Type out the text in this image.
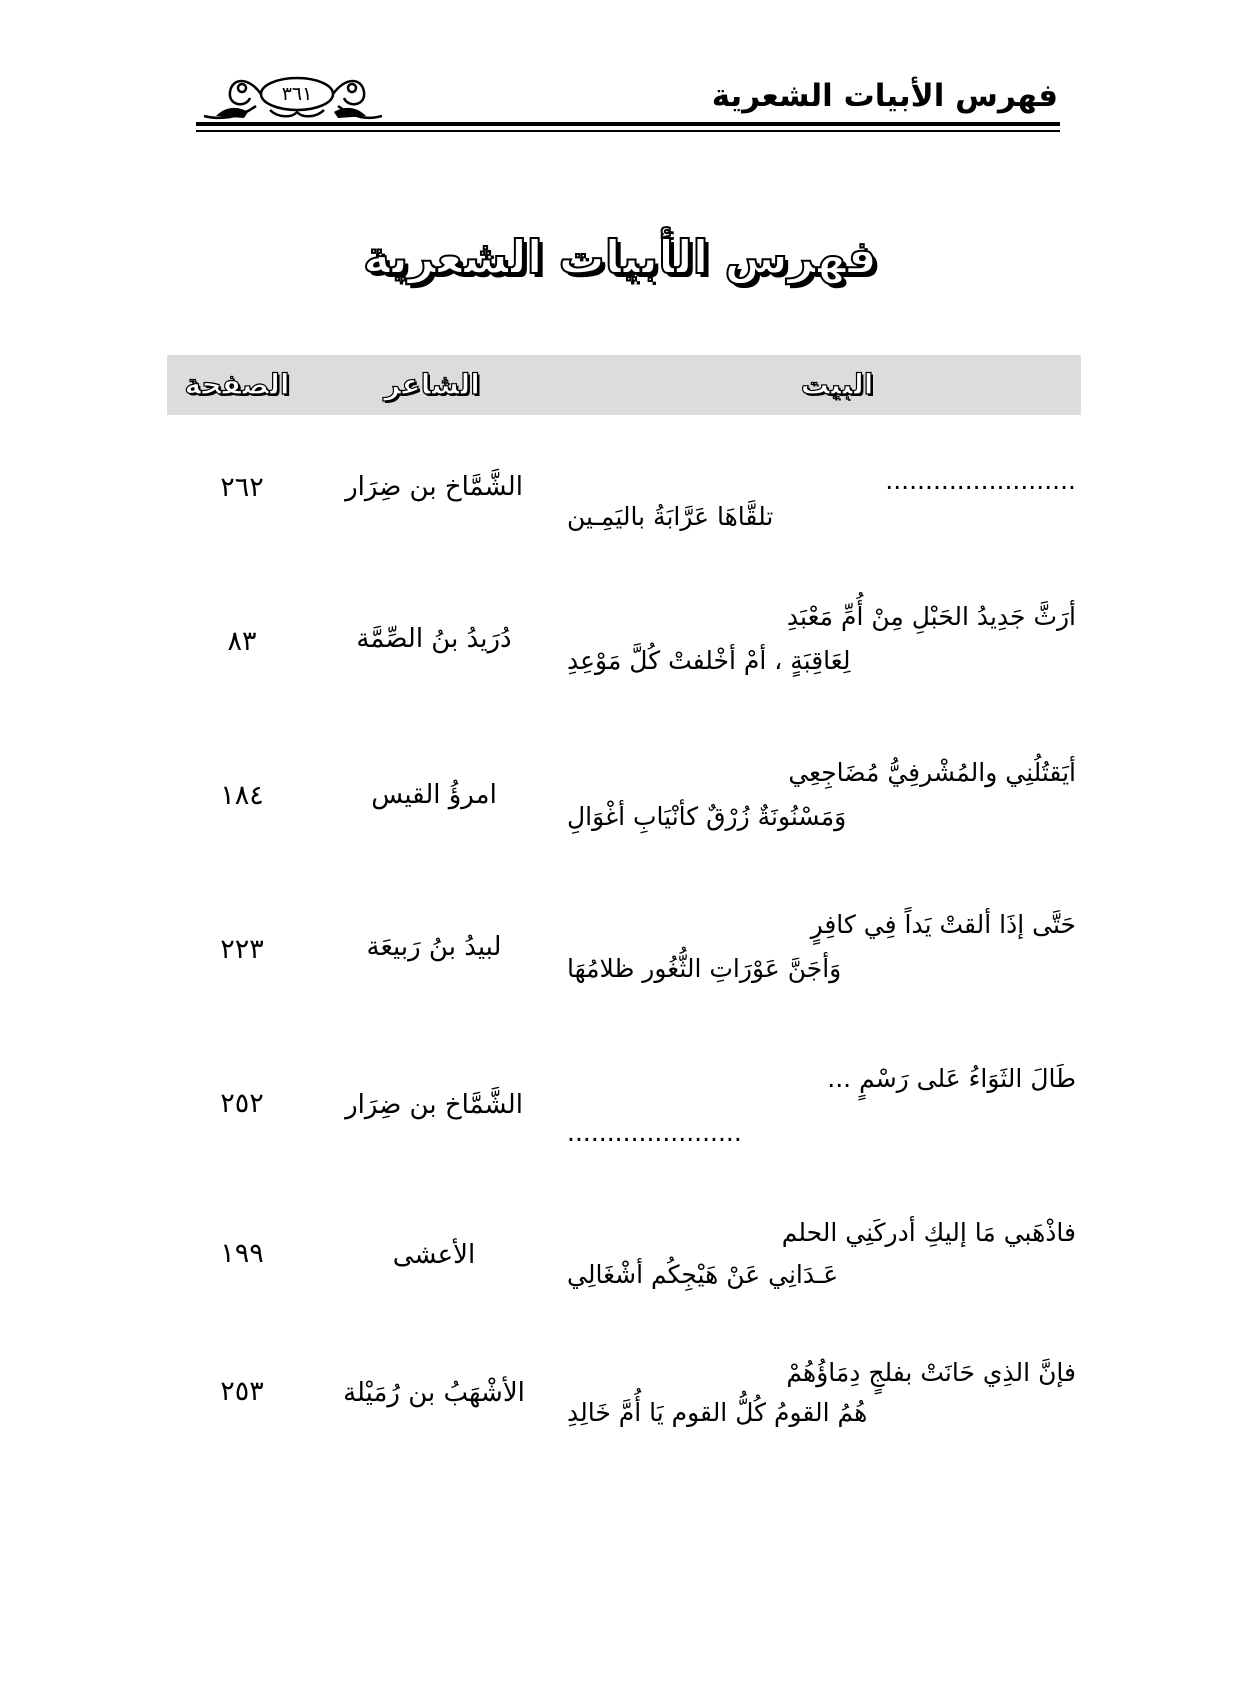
فهرس الأبيات الشعرية
٣٦١
فهرس الأبيات الشعرية
البيت
الشاعر
الصفحة
........................
تلقَّاهَا عَرَّابَةُ باليَمِـين
الشَّمَّاخ بن ضِرَار
٢٦٢
أرَثَّ جَدِيدُ الحَبْلِ مِنْ أُمِّ مَعْبَدِ
لِعَاقِبَةٍ ، أمْ أخْلفتْ كُلَّ مَوْعِدِ
دُرَيدُ بنُ الصِّمَّة
٨٣
أيَقتُلُنِي والمُشْرفِيُّ مُضَاجِعِي
وَمَسْنُونَةٌ زُرْقٌ كأنْيَابِ أغْوَالِ
امرؤُ القيس
١٨٤
حَتَّى إذَا ألقتْ يَداً فِي كافِرٍ
وَأجَنَّ عَوْرَاتِ الثُّغُور ظلامُهَا
لبيدُ بنُ رَبيعَة
٢٢٣
طَالَ الثَوَاءُ عَلى رَسْمٍ ...
......................
الشَّمَّاخ بن ضِرَار
٢٥٢
فاذْهَبي مَا إليكِ أدركَنِي الحلم
عَـدَانِي عَنْ هَيْجِكُم أشْغَالِي
الأعشى
١٩٩
فإنَّ الذِي حَانَتْ بفلجٍ دِمَاؤُهُمْ
هُمُ القومُ كُلُّ القوم يَا أُمَّ خَالِدِ
الأشْهَبُ بن رُمَيْلة
٢٥٣
